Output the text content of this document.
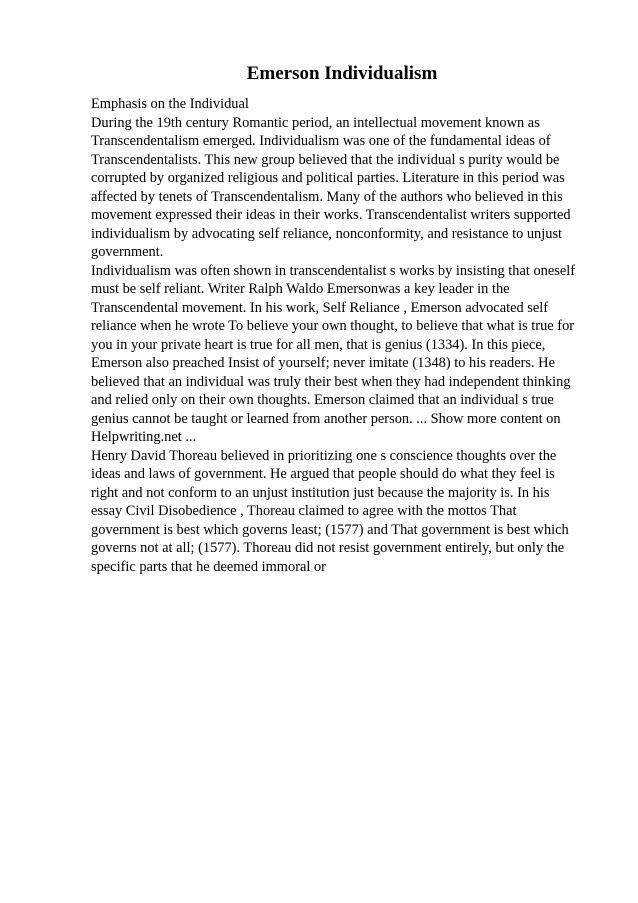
Emerson Individualism

Emphasis on the Individual

During the 19th century Romantic period, an intellectual movement known as

Transcendentalism emerged. Individualism was one of the fundamental ideas of

Transcendentalists. This new group believed that the individual s purity would be

corrupted by organized religious and political parties. Literature in this period was

affected by tenets of Transcendentalism. Many of the authors who believed in this

movement expressed their ideas in their works. Transcendentalist writers supported

individualism by advocating self reliance, nonconformity, and resistance to unjust

government.

Individualism was often shown in transcendentalist s works by insisting that oneself

must be self reliant. Writer Ralph Waldo Emersonwas a key leader in the

Transcendental movement. In his work, Self Reliance , Emerson advocated self

reliance when he wrote To believe your own thought, to believe that what is true for

you in your private heart is true for all men, that is genius (1334). In this piece,

Emerson also preached Insist of yourself; never imitate (1348) to his readers. He

believed that an individual was truly their best when they had independent thinking

and relied only on their own thoughts. Emerson claimed that an individual s true

genius cannot be taught or learned from another person. ... Show more content on

Helpwriting.net ...

Henry David Thoreau believed in prioritizing one s conscience thoughts over the

ideas and laws of government. He argued that people should do what they feel is

right and not conform to an unjust institution just because the majority is. In his

essay Civil Disobedience , Thoreau claimed to agree with the mottos That

government is best which governs least; (1577) and That government is best which

governs not at all; (1577). Thoreau did not resist government entirely, but only the

specific parts that he deemed immoral or
